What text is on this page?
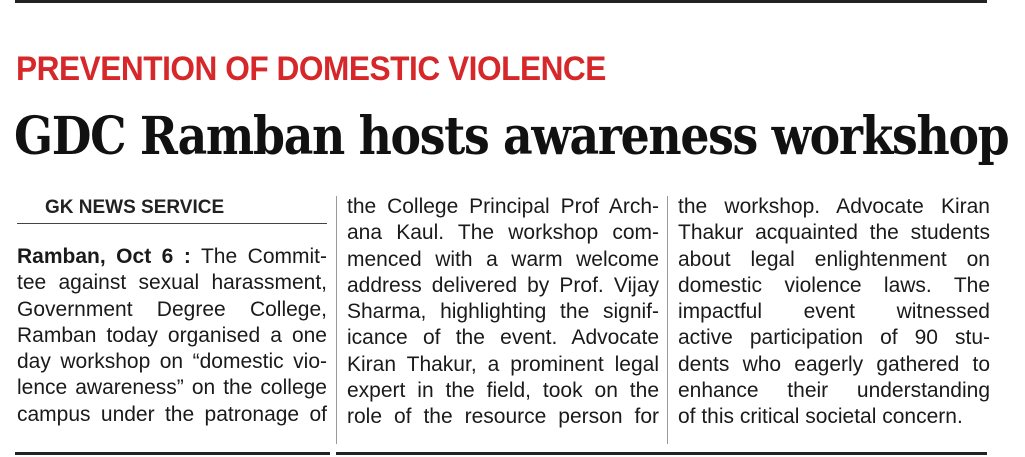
PREVENTION OF DOMESTIC VIOLENCE
GDC Ramban hosts awareness workshop
GK NEWS SERVICE
Ramban, Oct 6 : The Commit-
tee against sexual harassment,
Government Degree College,
Ramban today organised a one
day workshop on “domestic vio-
lence awareness” on the college
campus under the patronage of
the College Principal Prof Arch-
ana Kaul. The workshop com-
menced with a warm welcome
address delivered by Prof. Vijay
Sharma, highlighting the signif-
icance of the event. Advocate
Kiran Thakur, a prominent legal
expert in the field, took on the
role of the resource person for
the workshop. Advocate Kiran
Thakur acquainted the students
about legal enlightenment on
domestic violence laws. The
impactful event witnessed
active participation of 90 stu-
dents who eagerly gathered to
enhance their understanding
of this critical societal concern.
